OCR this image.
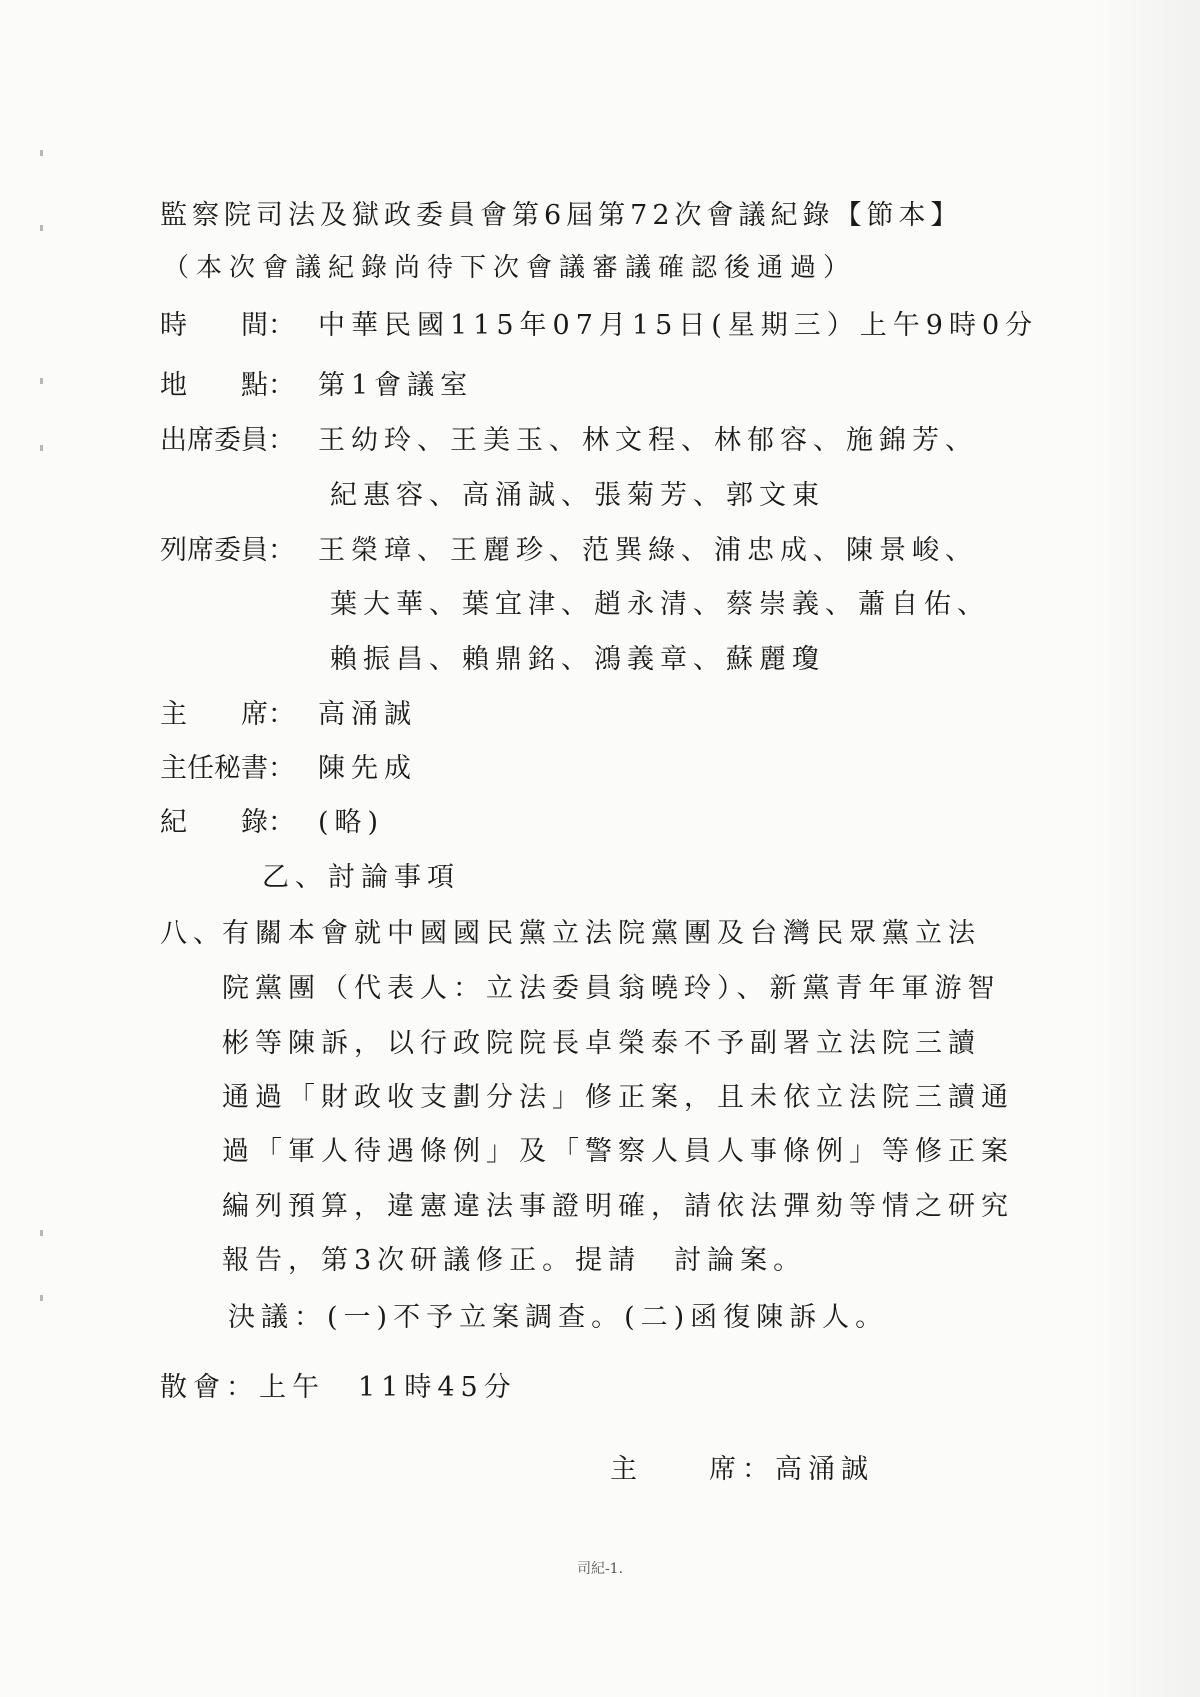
監察院司法及獄政委員會第6屆第72次會議紀錄【節本】
（本次會議紀錄尚待下次會議審議確認後通過）
時　　間： 中華民國115年07月15日(星期三）上午9時0分
地　　點： 第1會議室
出席委員： 王幼玲、王美玉、林文程、林郁容、施錦芳、
紀惠容、高涌誠、張菊芳、郭文東
列席委員： 王榮璋、王麗珍、范巽綠、浦忠成、陳景峻、
葉大華、葉宜津、趙永清、蔡崇義、蕭自佑、
賴振昌、賴鼎銘、鴻義章、蘇麗瓊
主　　席： 高涌誠
主任秘書： 陳先成
紀　　錄： (略)
乙、討論事項
八、
有關本會就中國國民黨立法院黨團及台灣民眾黨立法
院黨團（代表人：立法委員翁曉玲）、新黨青年軍游智
彬等陳訴，以行政院院長卓榮泰不予副署立法院三讀
通過「財政收支劃分法」修正案，且未依立法院三讀通
過「軍人待遇條例」及「警察人員人事條例」等修正案
編列預算，違憲違法事證明確，請依法彈劾等情之研究
報告，第3次研議修正。提請　討論案。
決議：(一)不予立案調查。(二)函復陳訴人。
散會：上午　11時45分
主　　席：高涌誠
司紀-1.
